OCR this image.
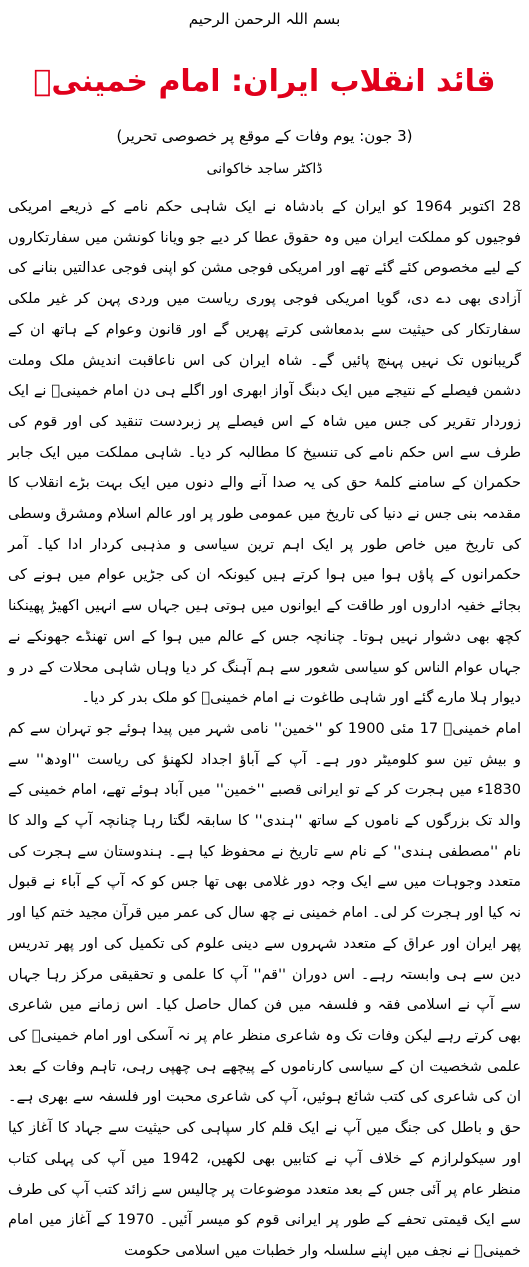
بسم اللہ الرحمن الرحیم
قائد انقلاب ایران: امام خمینیؒ
(3 جون: یوم وفات کے موقع پر خصوصی تحریر)
ڈاکٹر ساجد خاکوانی

28 اکتوبر 1964 کو ایران کے بادشاہ نے ایک شاہی حکم نامے کے ذریعے امریکی فوجیوں کو مملکت ایران میں وہ حقوق عطا کر دیے جو ویانا کونشن میں سفارتکاروں کے لیے مخصوص کئے گئے تھے اور امریکی فوجی مشن کو اپنی فوجی عدالتیں بنانے کی آزادی بھی دے دی، گویا امریکی فوجی پوری ریاست میں وردی پہن کر غیر ملکی سفارتکار کی حیثیت سے بدمعاشی کرتے پھریں گے اور قانون وعوام کے ہاتھ ان کے گریبانوں تک نہیں پہنچ پائیں گے۔ شاہ ایران کی اس ناعاقبت اندیش ملک وملت دشمن فیصلے کے نتیجے میں ایک دبنگ آواز ابھری اور اگلے ہی دن امام خمینیؒ نے ایک زوردار تقریر کی جس میں شاہ کے اس فیصلے پر زبردست تنقید کی اور قوم کی طرف سے اس حکم نامے کی تنسیخ کا مطالبہ کر دیا۔ شاہی مملکت میں ایک جابر حکمران کے سامنے کلمۂ حق کی یہ صدا آنے والے دنوں میں ایک بہت بڑے انقلاب کا مقدمہ بنی جس نے دنیا کی تاریخ میں عمومی طور پر اور عالم اسلام ومشرق وسطی کی تاریخ میں خاص طور پر ایک اہم ترین سیاسی و مذہبی کردار ادا کیا۔ آمر حکمرانوں کے پاؤں ہوا میں ہوا کرتے ہیں کیونکہ ان کی جڑیں عوام میں ہونے کی بجائے خفیہ اداروں اور طاقت کے ایوانوں میں ہوتی ہیں جہاں سے انہیں اکھیڑ پھینکنا کچھ بھی دشوار نہیں ہوتا۔ چنانچہ جس کے عالم میں ہوا کے اس تھنڈے جھونکے نے جہاں عوام الناس کو سیاسی شعور سے ہم آہنگ کر دیا وہاں شاہی محلات کے در و دیوار ہلا مارے گئے اور شاہی طاغوت نے امام خمینیؒ کو ملک بدر کر دیا۔

امام خمینیؒ 17 مئی 1900 کو ''خمین'' نامی شہر میں پیدا ہوئے جو تہران سے کم و بیش تین سو کلومیٹر دور ہے۔ آپ کے آباؤ اجداد لکھنؤ کی ریاست ''اودھ'' سے 1830ء میں ہجرت کر کے تو ایرانی قصبے ''خمین'' میں آباد ہوئے تھے، امام خمینی کے والد تک بزرگوں کے ناموں کے ساتھ ''ہندی'' کا سابقہ لگتا رہا چنانچہ آپ کے والد کا نام ''مصطفی ہندی'' کے نام سے تاریخ نے محفوظ کیا ہے۔ ہندوستان سے ہجرت کی متعدد وجوہات میں سے ایک وجہ دور غلامی بھی تھا جس کو کہ آپ کے آباء نے قبول نہ کیا اور ہجرت کر لی۔ امام خمینی نے چھ سال کی عمر میں قرآن مجید ختم کیا اور پھر ایران اور عراق کے متعدد شہروں سے دینی علوم کی تکمیل کی اور پھر تدریس دین سے ہی وابستہ رہے۔ اس دوران ''قم'' آپ کا علمی و تحقیقی مرکز رہا جہاں سے آپ نے اسلامی فقہ و فلسفہ میں فن کمال حاصل کیا۔ اس زمانے میں شاعری بھی کرتے رہے لیکن وفات تک وہ شاعری منظر عام پر نہ آسکی اور امام خمینیؒ کی علمی شخصیت ان کے سیاسی کارناموں کے پیچھے ہی چھپی رہی، تاہم وفات کے بعد ان کی شاعری کی کتب شائع ہوئیں، آپ کی شاعری محبت اور فلسفہ سے بھری ہے۔ حق و باطل کی جنگ میں آپ نے ایک قلم کار سپاہی کی حیثیت سے جہاد کا آغاز کیا اور سیکولرازم کے خلاف آپ نے کتابیں بھی لکھیں، 1942 میں آپ کی پہلی کتاب منظر عام پر آئی جس کے بعد متعدد موضوعات پر چالیس سے زائد کتب آپ کی طرف سے ایک قیمتی تحفے کے طور پر ایرانی قوم کو میسر آئیں۔ 1970 کے آغاز میں امام خمینیؒ نے نجف میں اپنے سلسلہ وار خطبات میں اسلامی حکومت
